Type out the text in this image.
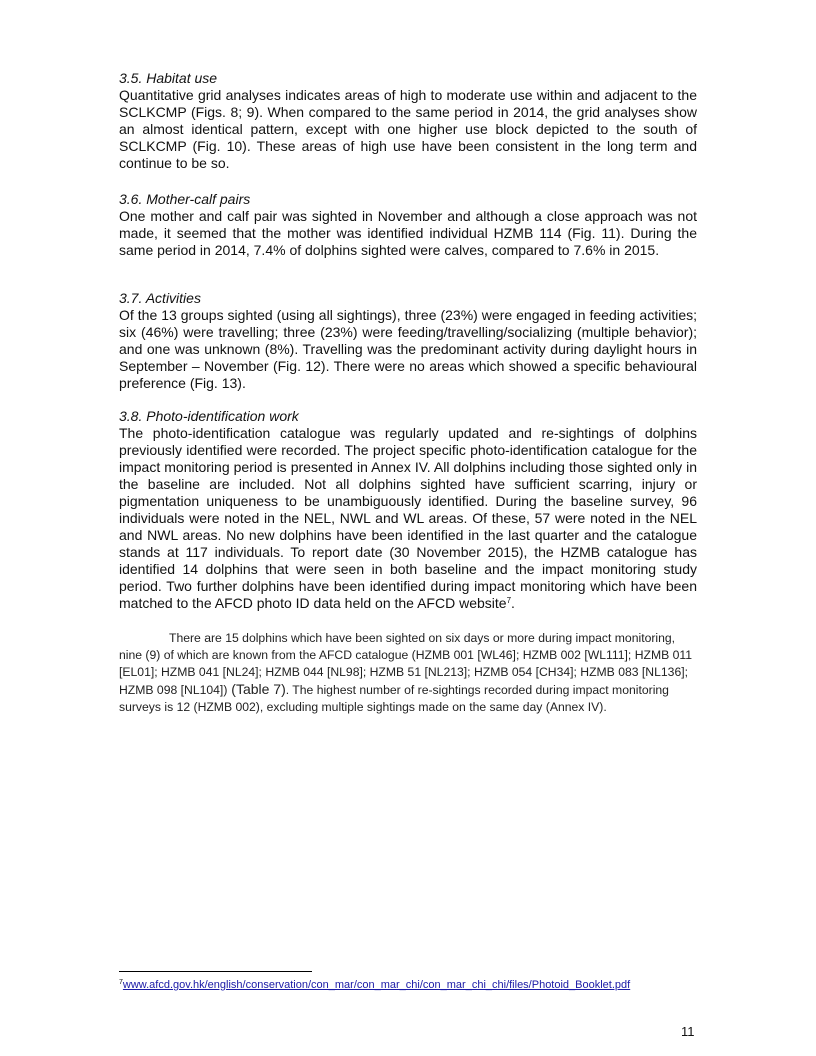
3.5. Habitat use

Quantitative grid analyses indicates areas of high to moderate use within and adjacent to the SCLKCMP (Figs. 8; 9). When compared to the same period in 2014, the grid analyses show an almost identical pattern, except with one higher use block depicted to the south of SCLKCMP (Fig. 10). These areas of high use have been consistent in the long term and continue to be so.

3.6. Mother-calf pairs

One mother and calf pair was sighted in November and although a close approach was not made, it seemed that the mother was identified individual HZMB 114 (Fig. 11). During the same period in 2014, 7.4% of dolphins sighted were calves, compared to 7.6% in 2015.

3.7. Activities

Of the 13 groups sighted (using all sightings), three (23%) were engaged in feeding activities; six (46%) were travelling; three (23%) were feeding/travelling/socializing (multiple behavior); and one was unknown (8%). Travelling was the predominant activity during daylight hours in September – November (Fig. 12). There were no areas which showed a specific behavioural preference (Fig. 13).

3.8. Photo-identification work

The photo-identification catalogue was regularly updated and re-sightings of dolphins previously identified were recorded. The project specific photo-identification catalogue for the impact monitoring period is presented in Annex IV. All dolphins including those sighted only in the baseline are included. Not all dolphins sighted have sufficient scarring, injury or pigmentation uniqueness to be unambiguously identified. During the baseline survey, 96 individuals were noted in the NEL, NWL and WL areas. Of these, 57 were noted in the NEL and NWL areas. No new dolphins have been identified in the last quarter and the catalogue stands at 117 individuals. To report date (30 November 2015), the HZMB catalogue has identified 14 dolphins that were seen in both baseline and the impact monitoring study period. Two further dolphins have been identified during impact monitoring which have been matched to the AFCD photo ID data held on the AFCD website$^7$.

There are 15 dolphins which have been sighted on six days or more during impact monitoring, nine (9) of which are known from the AFCD catalogue (HZMB 001 [WL46]; HZMB 002 [WL111]; HZMB 011 [EL01]; HZMB 041 [NL24]; HZMB 044 [NL98]; HZMB 51 [NL213]; HZMB 054 [CH34]; HZMB 083 [NL136]; HZMB 098 [NL104]) (Table 7). The highest number of re-sightings recorded during impact monitoring surveys is 12 (HZMB 002), excluding multiple sightings made on the same day (Annex IV).

$^7$www.afcd.gov.hk/english/conservation/con_mar/con_mar_chi/con_mar_chi_chi/files/Photoid_Booklet.pdf
11
